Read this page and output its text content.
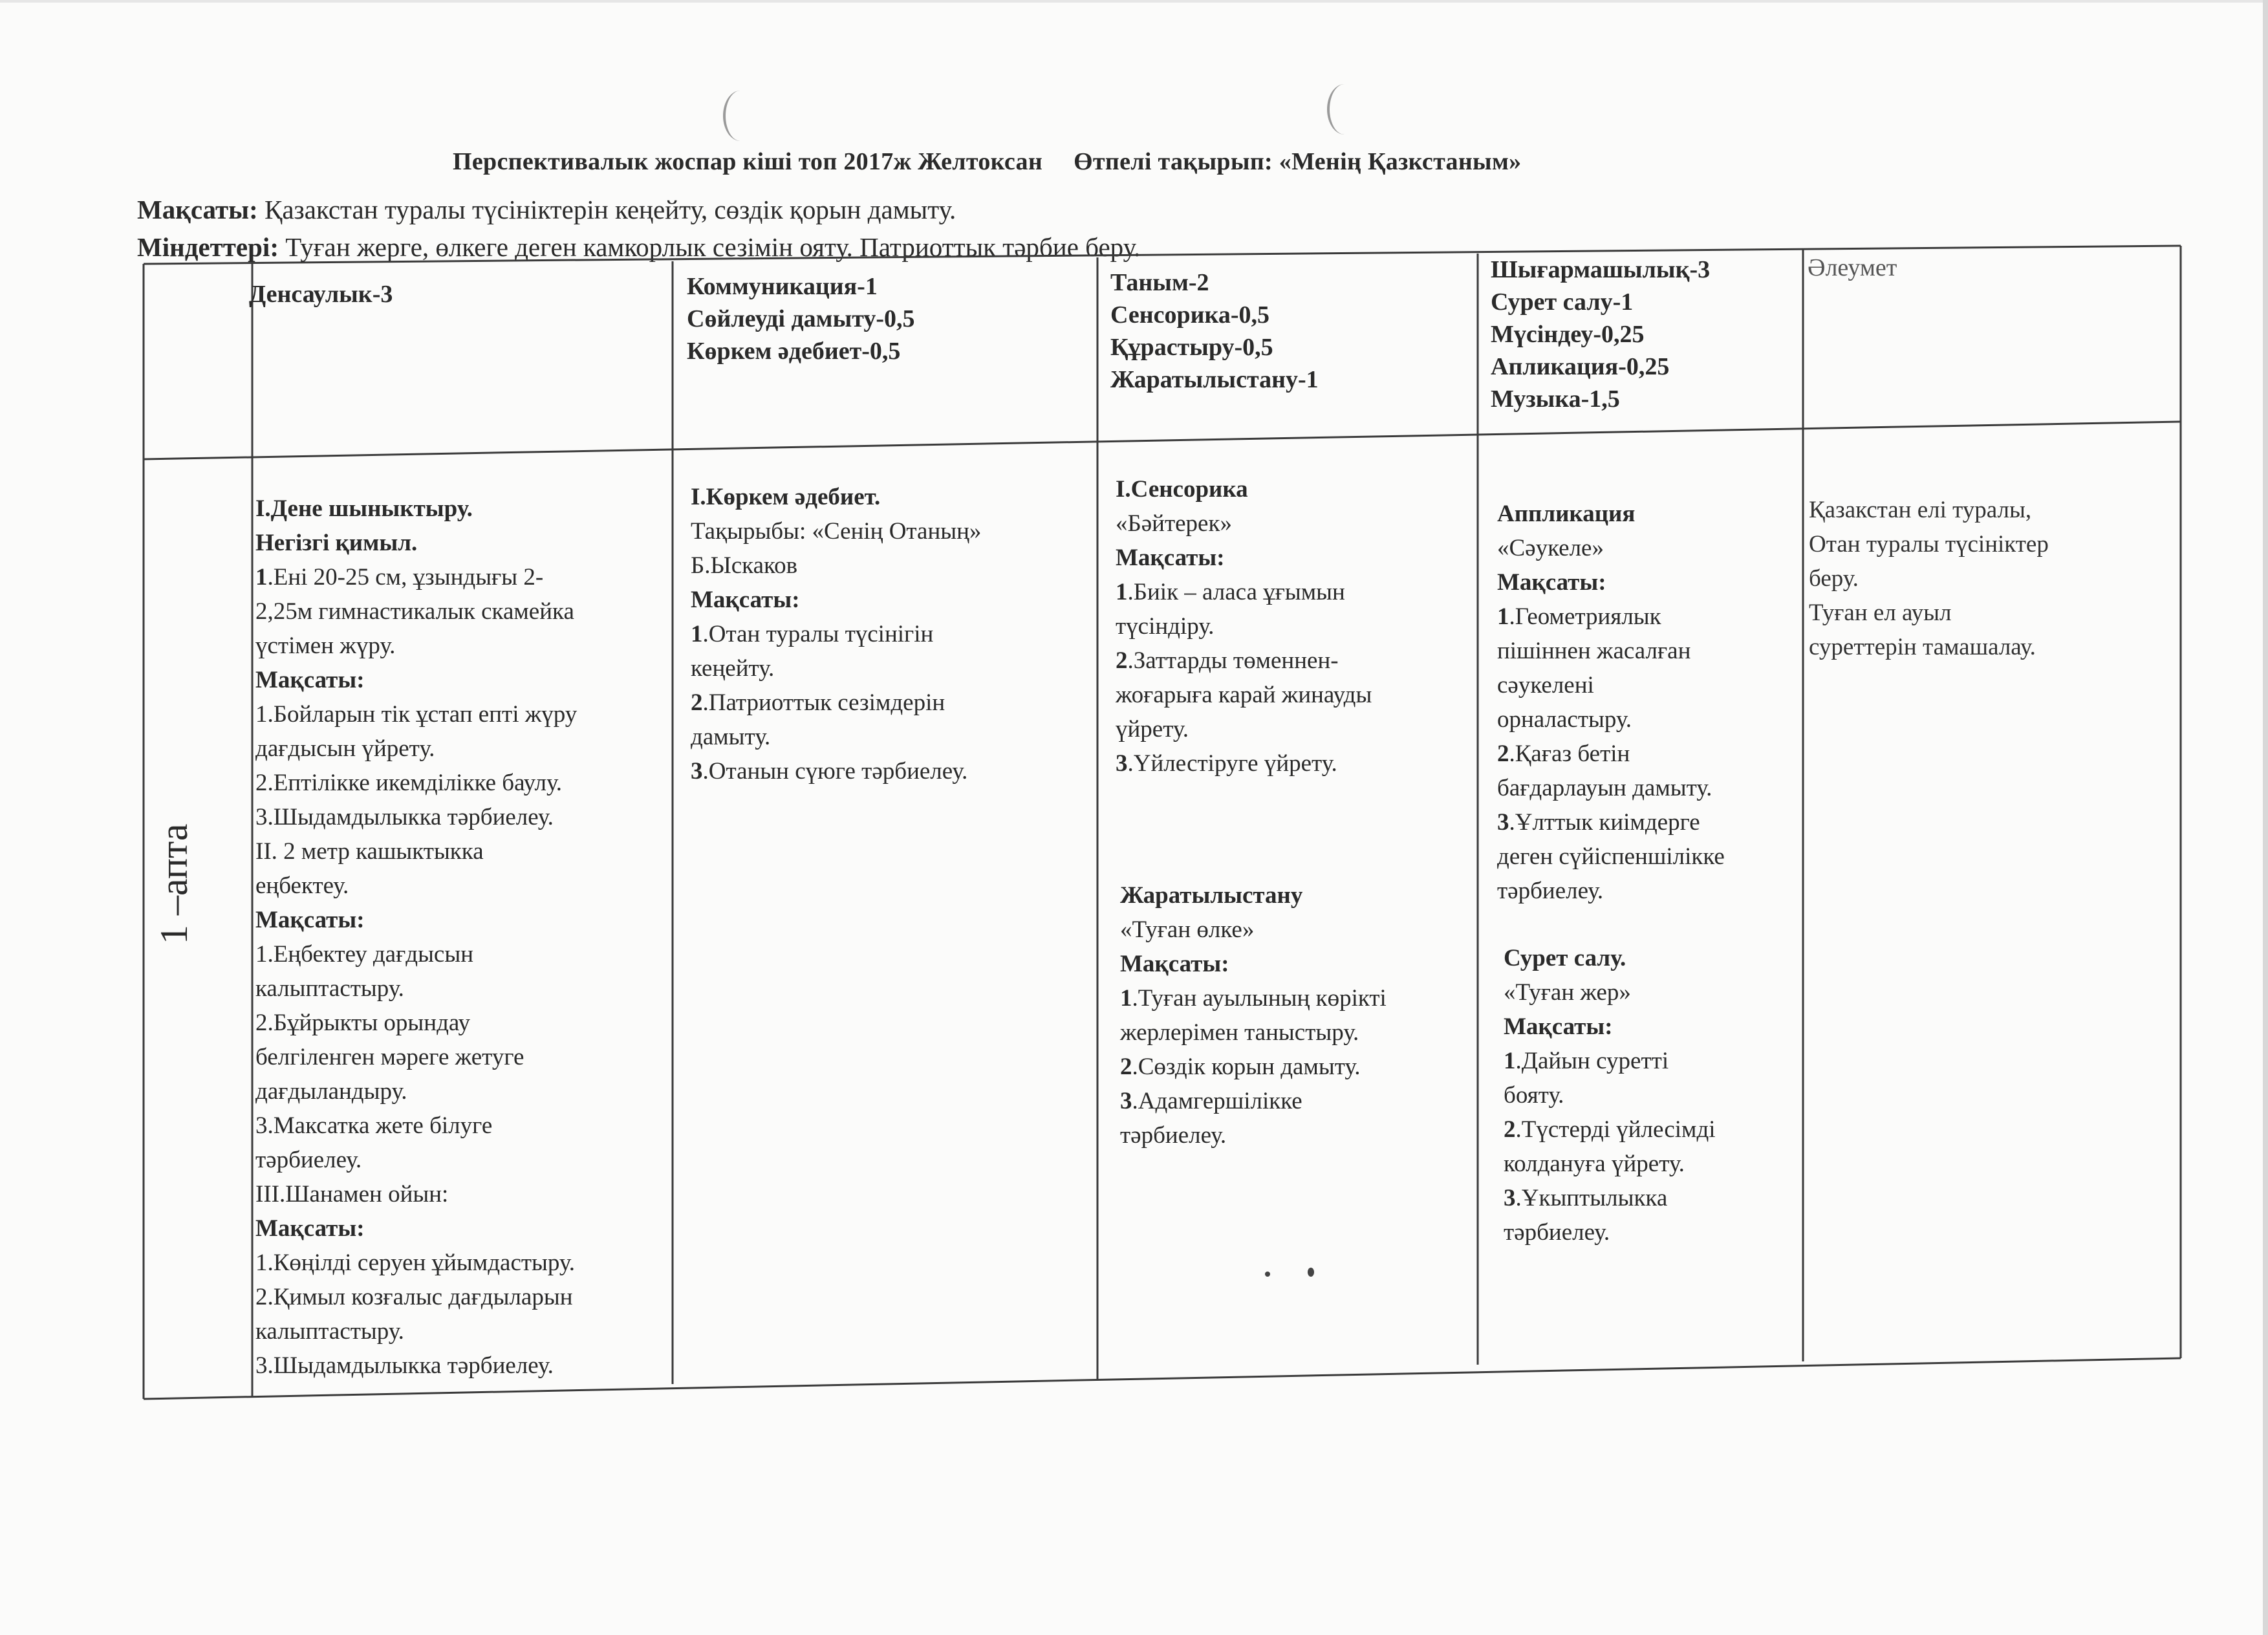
Перспективалык жоспар кіші топ 2017ж Желтоксан Өтпелі тақырып: «Менің Қазкстаным»
Мақсаты: Қазакстан туралы түсініктерін кеңейту, сөздік қорын дамыту.
Міндеттері: Туған жерге, өлкеге деген камкорлык сезімін ояту. Патриоттык тәрбие беру.
Денсаулык-3	Коммуникация-1
Сөйлеуді дамыту-0,5
Көркем әдебиет-0,5
Таным-2
Сенсорика-0,5
Құрастыру-0,5
Жаратылыстану-1
Шығармашылық-3
Сурет салу-1
Мүсіндеу-0,25
Апликация-0,25
Музыка-1,5
Әлеумет
1 –апта
І.Дене шыныктыру.
Негізгі қимыл.
1.Ені 20-25 см, ұзындығы 2-
2,25м гимнастикалык скамейка
үстімен жүру.
Мақсаты:
1.Бойларын тік ұстап епті жүру
дағдысын үйрету.
2.Ептілікке икемділікке баулу.
3.Шыдамдылыкка тәрбиелеу.
ІІ. 2 метр кашыктыкка
еңбектеу.
Мақсаты:
1.Еңбектеу дағдысын
калыптастыру.
2.Бұйрыкты орындау
белгіленген мәреге жетуге
дағдыландыру.
3.Максатка жете білуге
тәрбиелеу.
ІІІ.Шанамен ойын:
Мақсаты:
1.Көңілді серуен ұйымдастыру.
2.Қимыл козғалыс дағдыларын
калыптастыру.
3.Шыдамдылыкка тәрбиелеу.
І.Көркем әдебиет.
Тақырыбы: «Сенің Отаның»
Б.Ыскаков
Мақсаты:
1.Отан туралы түсінігін
кеңейту.
2.Патриоттык сезімдерін
дамыту.
3.Отанын сүюге тәрбиелеу.
І.Сенсорика
«Бәйтерек»
Мақсаты:
1.Биік – аласа ұғымын
түсіндіру.
2.Заттарды төменнен-
жоғарыға карай жинауды
үйрету.
3.Үйлестіруге үйрету.
Жаратылыстану
«Туған өлке»
Мақсаты:
1.Туған ауылының көрікті
жерлерімен таныстыру.
2.Сөздік корын дамыту.
3.Адамгершілікке
тәрбиелеу.
Аппликация
«Сәукеле»
Мақсаты:
1.Геометриялык
пішіннен жасалған
сәукелені
орналастыру.
2.Қағаз бетін
бағдарлауын дамыту.
3.Ұлттык киімдерге
деген сүйіспеншілікке
тәрбиелеу.
Сурет салу.
«Туған жер»
Мақсаты:
1.Дайын суретті
бояту.
2.Түстерді үйлесімді
колдануға үйрету.
3.Ұкыптылыкка
тәрбиелеу.
Қазакстан елі туралы,
Отан туралы түсініктер
беру.
Туған ел ауыл
суреттерін тамашалау.
